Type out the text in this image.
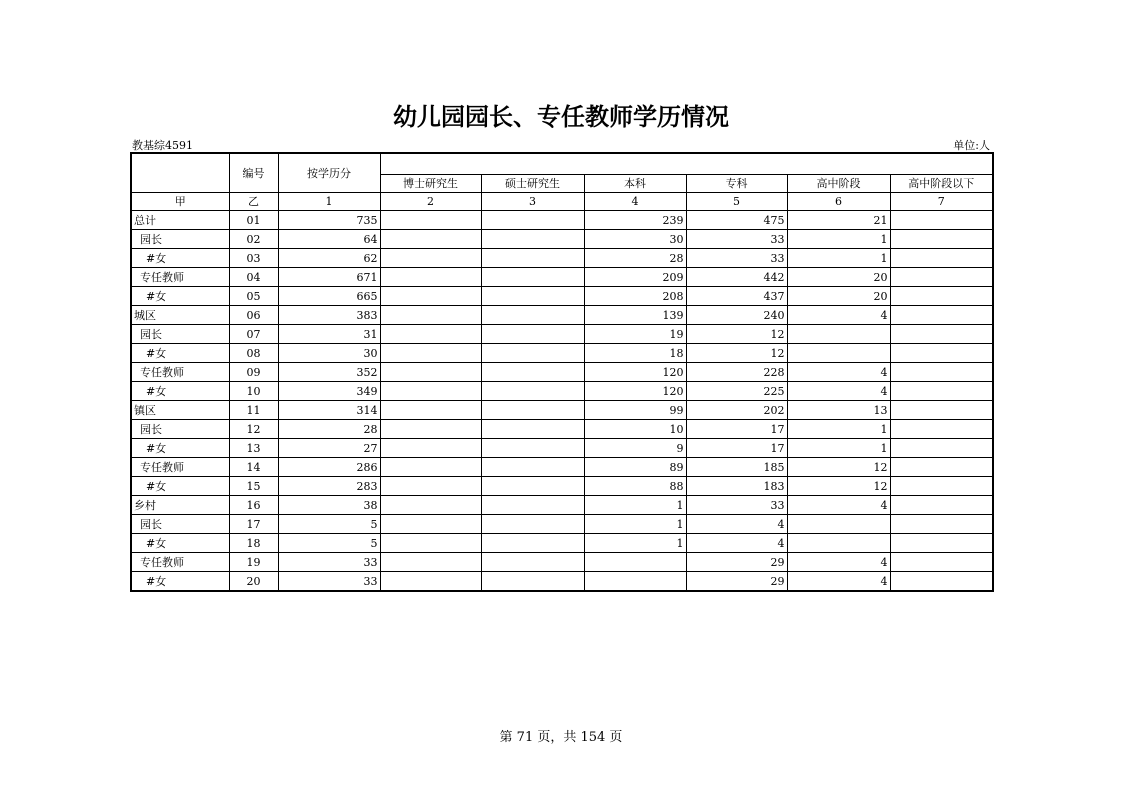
幼儿园园长、专任教师学历情况
教基综4591	单位:人
	编号	按学历分						
			博士研究生	硕士研究生	本科	专科	高中阶段	高中阶段以下
甲	乙	1	2	3	4	5	6	7
总计	01	735			239	475	21	
园长	02	64			30	33	1	
#女	03	62			28	33	1	
专任教师	04	671			209	442	20	
#女	05	665			208	437	20	
城区	06	383			139	240	4	
园长	07	31			19	12		
#女	08	30			18	12		
专任教师	09	352			120	228	4	
#女	10	349			120	225	4	
镇区	11	314			99	202	13	
园长	12	28			10	17	1	
#女	13	27			9	17	1	
专任教师	14	286			89	185	12	
#女	15	283			88	183	12	
乡村	16	38			1	33	4	
园长	17	5			1	4		
#女	18	5			1	4		
专任教师	19	33				29	4	
#女	20	33				29	4	
第 71 页，共 154 页
